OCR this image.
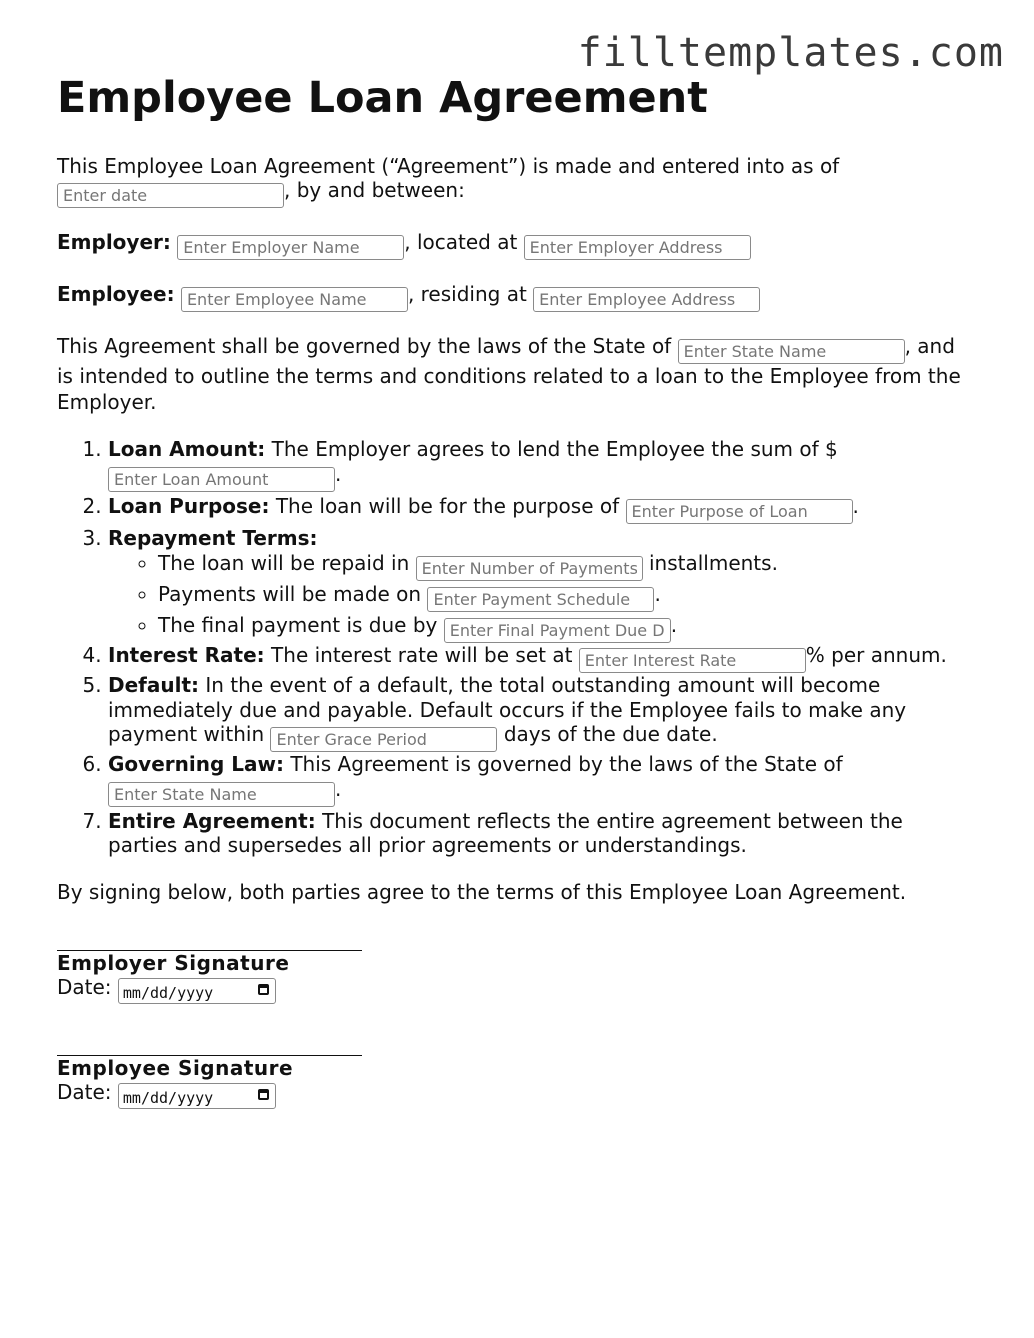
filltemplates.com
Employee Loan Agreement

This Employee Loan Agreement (“Agreement”) is made and entered into as of
Enter date, by and between:

Employer: Enter Employer Name	, located at Enter Employer Address

Employee: Enter Employee Name	, residing at Enter Employee Address

This Agreement shall be governed by the laws of the State of Enter State Name	, and is intended to outline the terms and conditions related to a loan to the Employee from the Employer.

1. Loan Amount: The Employer agrees to lend the Employee the sum of $
Enter Loan Amount.
2. Loan Purpose: The loan will be for the purpose of Enter Purpose of Loan	.
3. Repayment Terms:
◦ The loan will be repaid in Enter Number of Payments	installments.
◦ Payments will be made on Enter Payment Schedule	.
◦ The final payment is due by Enter Final Payment Due Date	.
4. Interest Rate: The interest rate will be set at Enter Interest Rate	% per annum.
5. Default: In the event of a default, the total outstanding amount will become immediately due and payable. Default occurs if the Employee fails to make any payment within Enter Grace Period	days of the due date.
6. Governing Law: This Agreement is governed by the laws of the State of
Enter State Name.
7. Entire Agreement: This document reflects the entire agreement between the parties and supersedes all prior agreements or understandings.

By signing below, both parties agree to the terms of this Employee Loan Agreement.

Employer Signature
Date: mm/dd/yyyy
Employee Signature
Date: mm/dd/yyyy
